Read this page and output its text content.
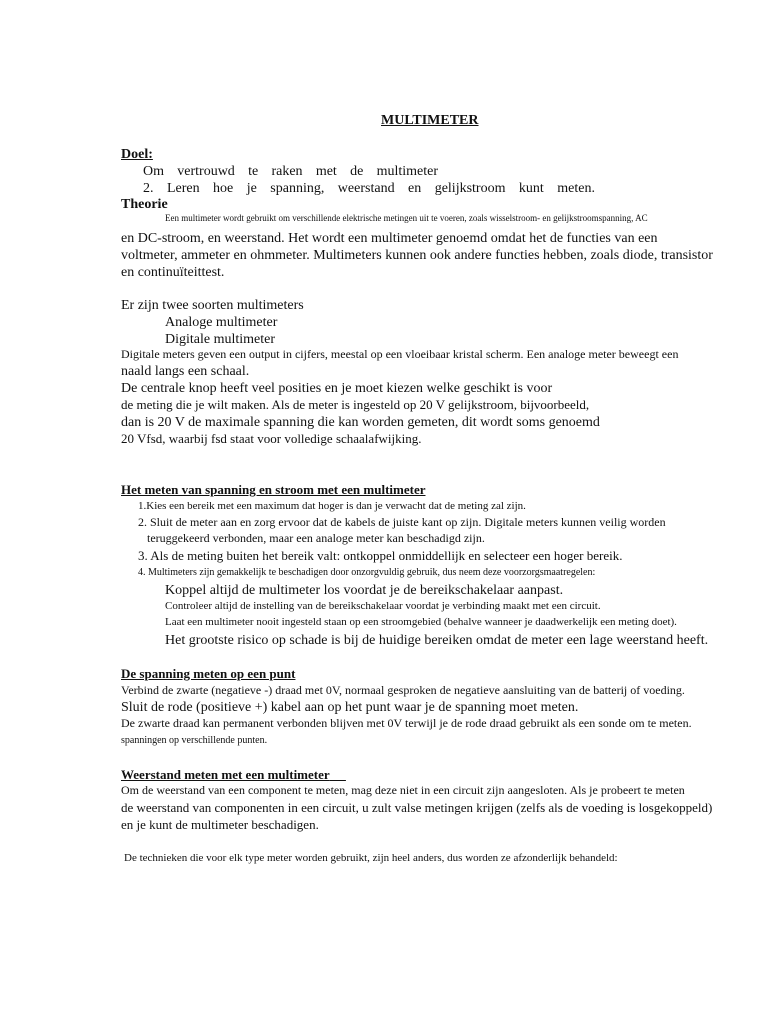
MULTIMETER
Doel:
Om vertrouwd te raken met de multimeter
2. Leren hoe je spanning, weerstand en gelijkstroom kunt meten.
Theorie
Een multimeter wordt gebruikt om verschillende elektrische metingen uit te voeren, zoals wisselstroom- en gelijkstroomspanning, AC
en DC-stroom, en weerstand. Het wordt een multimeter genoemd omdat het de functies van een
voltmeter, ammeter en ohmmeter. Multimeters kunnen ook andere functies hebben, zoals diode, transistor
en continuïteittest.
Er zijn twee soorten multimeters
Analoge multimeter
Digitale multimeter
Digitale meters geven een output in cijfers, meestal op een vloeibaar kristal scherm. Een analoge meter beweegt een
naald langs een schaal.
De centrale knop heeft veel posities en je moet kiezen welke geschikt is voor
de meting die je wilt maken. Als de meter is ingesteld op 20 V gelijkstroom, bijvoorbeeld,
dan is 20 V de maximale spanning die kan worden gemeten, dit wordt soms genoemd
20 Vfsd, waarbij fsd staat voor volledige schaalafwijking.
Het meten van spanning en stroom met een multimeter
1.Kies een bereik met een maximum dat hoger is dan je verwacht dat de meting zal zijn.
2. Sluit de meter aan en zorg ervoor dat de kabels de juiste kant op zijn. Digitale meters kunnen veilig worden
teruggekeerd verbonden, maar een analoge meter kan beschadigd zijn.
3. Als de meting buiten het bereik valt: ontkoppel onmiddellijk en selecteer een hoger bereik.
4. Multimeters zijn gemakkelijk te beschadigen door onzorgvuldig gebruik, dus neem deze voorzorgsmaatregelen:
Koppel altijd de multimeter los voordat je de bereikschakelaar aanpast.
Controleer altijd de instelling van de bereikschakelaar voordat je verbinding maakt met een circuit.
Laat een multimeter nooit ingesteld staan op een stroomgebied (behalve wanneer je daadwerkelijk een meting doet).
Het grootste risico op schade is bij de huidige bereiken omdat de meter een lage weerstand heeft.
De spanning meten op een punt
Verbind de zwarte (negatieve -) draad met 0V, normaal gesproken de negatieve aansluiting van de batterij of voeding.
Sluit de rode (positieve +) kabel aan op het punt waar je de spanning moet meten.
De zwarte draad kan permanent verbonden blijven met 0V terwijl je de rode draad gebruikt als een sonde om te meten.
spanningen op verschillende punten.
Weerstand meten met een multimeter
Om de weerstand van een component te meten, mag deze niet in een circuit zijn aangesloten. Als je probeert te meten
de weerstand van componenten in een circuit, u zult valse metingen krijgen (zelfs als de voeding is losgekoppeld)
en je kunt de multimeter beschadigen.
De technieken die voor elk type meter worden gebruikt, zijn heel anders, dus worden ze afzonderlijk behandeld:
